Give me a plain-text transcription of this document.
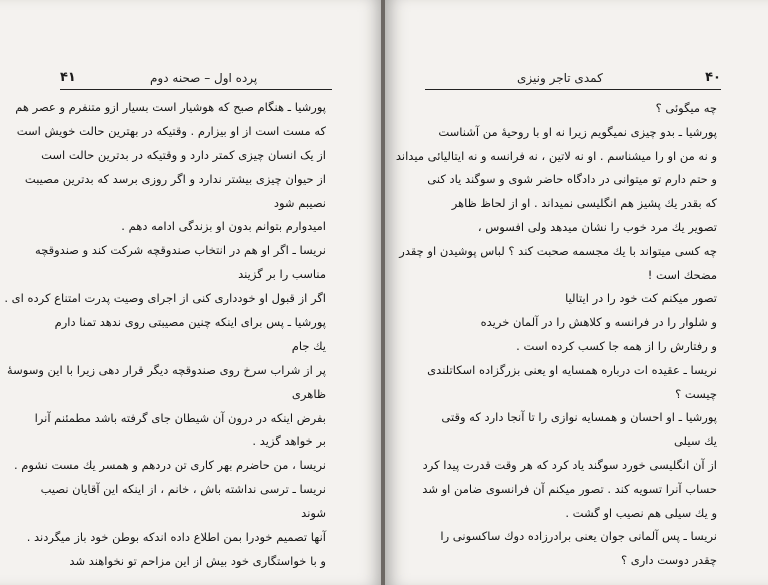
۴۱	پرده اول – صحنه دوم
پورشیا ـ هنگام صبح که هوشیار است بسیار ازو متنفرم و عصر هم
که مست است از او بیزارم . وقتیکه در بهترین حالت خویش است
از یک انسان چیزی کمتر دارد و وقتیکه در بدترین حالت است
از حیوان چیزی بیشتر ندارد و اگر روزی برسد که بدترین مصیبت
نصیبم شود
امیدوارم بتوانم بدون او بزندگی ادامه دهم .
نریسا ـ اگر او هم در انتخاب صندوقچه شرکت کند و صندوقچه
مناسب را بر گزیند
اگر از قبول او خودداری کنی از اجرای وصیت پدرت امتناع کرده ای .
پورشیا ـ پس برای اینکه چنین مصیبتی روی ندهد تمنا دارم
یك جام
پر از شراب سرخ روی صندوقچه دیگر قرار دهی زیرا با این وسوسهٔ
ظاهری
بفرض اینکه در درون آن شیطان جای گرفته باشد مطمئنم آنرا
بر خواهد گزید .
نریسا ، من حاضرم بهر کاری تن دردهم و همسر یك مست نشوم .
نریسا ـ ترسی نداشته باش ، خانم ، از اینکه این آقایان نصیب
شوند
آنها تصمیم خودرا بمن اطلاع داده اندکه بوطن خود باز میگردند .
و با خواستگاری خود بیش از این مزاحم تو نخواهند شد
کمدی تاجر ونیزی	۴۰
چه میگوئی ؟
پورشیا ـ بدو چیزی نمیگویم زیرا نه او با روحیهٔ من آشناست
و نه من او را میشناسم . او نه لاتین ، نه فرانسه و نه ایتالیائی میداند
و حتم دارم تو میتوانی در دادگاه حاضر شوی و سوگند یاد کنی
که بقدر یك پشیز هم انگلیسی نمیداند . او از لحاظ ظاهر
تصویر یك مرد خوب را نشان میدهد ولی افسوس ،
چه کسی میتواند با یك مجسمه صحبت کند ؟ لباس پوشیدن او چقدر
مضحك است !
تصور میکنم کت خود را در ایتالیا
و شلوار را در فرانسه و کلاهش را در آلمان خریده
و رفتارش را از همه جا کسب کرده است .
نریسا ـ عقیده ات درباره همسایه او یعنی بزرگزاده اسکاتلندی
چیست ؟
پورشیا ـ او احسان و همسایه نوازی را تا آنجا دارد که وقتی
یك سیلی
از آن انگلیسی خورد سوگند یاد کرد که هر وقت قدرت پیدا کرد
حساب آنرا تسویه کند . تصور میکنم آن فرانسوی ضامن او شد
و یك سیلی هم نصیب او گشت .
نریسا ـ پس آلمانی جوان یعنی برادرزاده دوك ساکسونی را
چقدر دوست داری ؟
